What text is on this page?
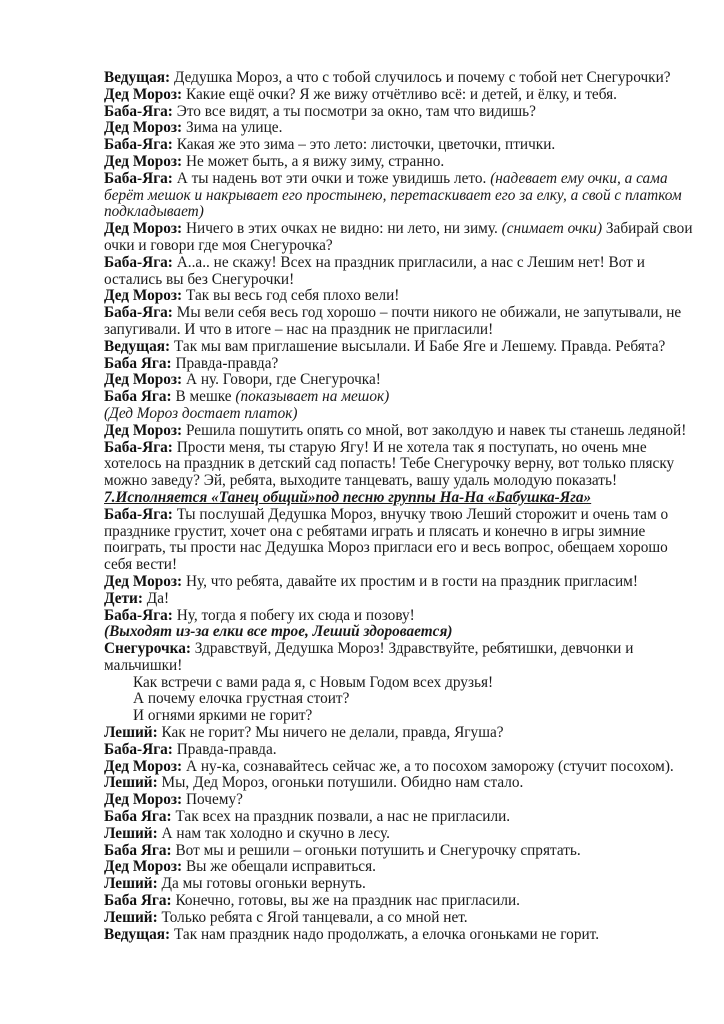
Ведущая: Дедушка Мороз, а что с тобой случилось и почему с тобой нет Снегурочки?
Дед Мороз: Какие ещё очки? Я же вижу отчётливо всё: и детей, и ёлку, и тебя.
Баба-Яга: Это все видят, а ты посмотри за окно, там что видишь?
Дед Мороз: Зима на улице.
Баба-Яга: Какая же это зима – это лето: листочки, цветочки, птички.
Дед Мороз: Не может быть, а я вижу зиму, странно.
Баба-Яга: А ты надень вот эти очки и тоже увидишь лето. (надевает ему очки, а сама
берёт мешок и накрывает его простынею, перетаскивает его за елку, а свой с платком
подкладывает)
Дед Мороз: Ничего в этих очках не видно: ни лето, ни зиму. (снимает очки) Забирай свои
очки и говори где моя Снегурочка?
Баба-Яга: А..а.. не скажу! Всех на праздник пригласили, а нас с Лешим нет! Вот и
остались вы без Снегурочки!
Дед Мороз: Так вы весь год себя плохо вели!
Баба-Яга: Мы вели себя весь год хорошо – почти никого не обижали, не запутывали, не
запугивали. И что в итоге – нас на праздник не пригласили!
Ведущая: Так мы вам приглашение высылали. И Бабе Яге и Лешему. Правда. Ребята?
Баба Яга: Правда-правда?
Дед Мороз: А ну. Говори, где Снегурочка!
Баба Яга: В мешке (показывает на мешок)
(Дед Мороз достает платок)
Дед Мороз: Решила пошутить опять со мной, вот заколдую и навек ты станешь ледяной!
Баба-Яга: Прости меня, ты старую Ягу! И не хотела так я поступать, но очень мне
хотелось на праздник в детский сад попасть! Тебе Снегурочку верну, вот только пляску
можно заведу? Эй, ребята, выходите танцевать, вашу удаль молодую показать!
7.Исполняется «Танец общий»под песню группы На-На «Бабушка-Яга»
Баба-Яга: Ты послушай Дедушка Мороз, внучку твою Леший сторожит и очень там о
празднике грустит, хочет она с ребятами играть и плясать и конечно в игры зимние
поиграть, ты прости нас Дедушка Мороз пригласи его и весь вопрос, обещаем хорошо
себя вести!
Дед Мороз: Ну, что ребята, давайте их простим и в гости на праздник пригласим!
Дети: Да!
Баба-Яга: Ну, тогда я побегу их сюда и позову!
(Выходят из-за елки все трое, Леший здоровается)
Снегурочка: Здравствуй, Дедушка Мороз! Здравствуйте, ребятишки, девчонки и
мальчишки!
Как встречи с вами рада я, с Новым Годом всех друзья!
А почему елочка грустная стоит?
И огнями яркими не горит?
Леший: Как не горит? Мы ничего не делали, правда, Ягуша?
Баба-Яга: Правда-правда.
Дед Мороз: А ну-ка, сознавайтесь сейчас же, а то посохом заморожу (стучит посохом).
Леший: Мы, Дед Мороз, огоньки потушили. Обидно нам стало.
Дед Мороз: Почему?
Баба Яга: Так всех на праздник позвали, а нас не пригласили.
Леший: А нам так холодно и скучно в лесу.
Баба Яга: Вот мы и решили – огоньки потушить и Снегурочку спрятать.
Дед Мороз: Вы же обещали исправиться.
Леший: Да мы готовы огоньки вернуть.
Баба Яга: Конечно, готовы, вы же на праздник нас пригласили.
Леший: Только ребята с Ягой танцевали, а со мной нет.
Ведущая: Так нам праздник надо продолжать, а елочка огоньками не горит.
